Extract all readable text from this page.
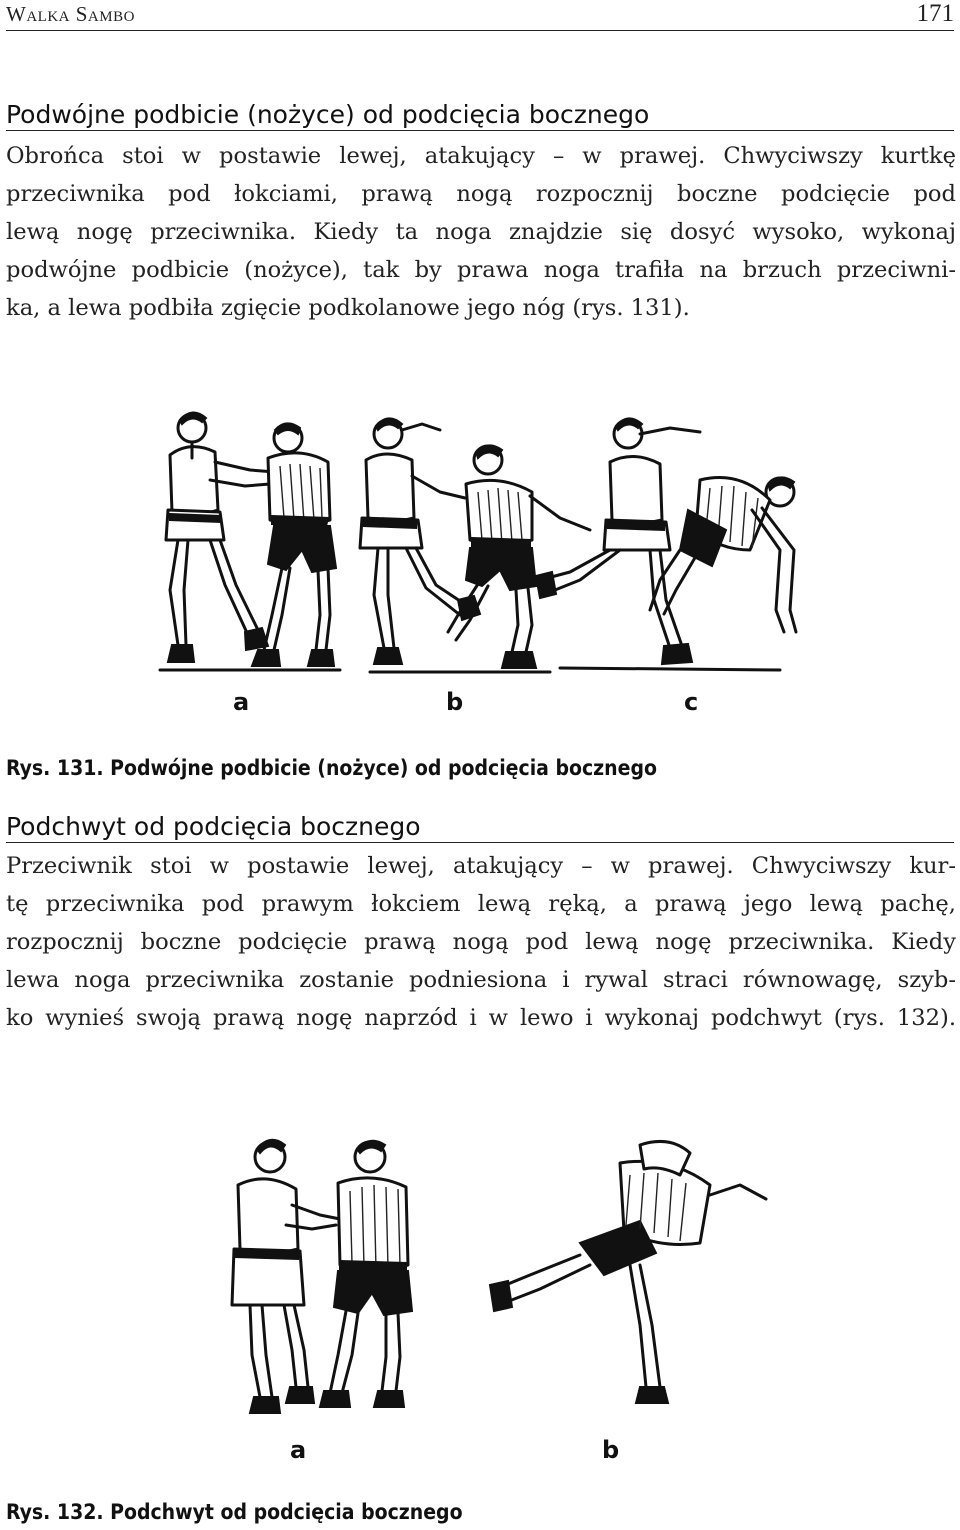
Walka Sambo	171
Podwójne podbicie (nożyce) od podcięcia bocznego
Obrońca stoi w postawie lewej, atakujący – w prawej. Chwyciwszy kurtkę
przeciwnika pod łokciami, prawą nogą rozpocznij boczne podcięcie pod
lewą nogę przeciwnika. Kiedy ta noga znajdzie się dosyć wysoko, wykonaj
podwójne podbicie (nożyce), tak by prawa noga trafiła na brzuch przeciwni-
ka, a lewa podbiła zgięcie podkolanowe jego nóg (rys. 131).
a	b	c
Rys. 131. Podwójne podbicie (nożyce) od podcięcia bocznego
Podchwyt od podcięcia bocznego
Przeciwnik stoi w postawie lewej, atakujący – w prawej. Chwyciwszy kur-
tę przeciwnika pod prawym łokciem lewą ręką, a prawą jego lewą pachę,
rozpocznij boczne podcięcie prawą nogą pod lewą nogę przeciwnika. Kiedy
lewa noga przeciwnika zostanie podniesiona i rywal straci równowagę, szyb-
ko wynieś swoją prawą nogę naprzód i w lewo i wykonaj podchwyt (rys. 132).
a	b
Rys. 132. Podchwyt od podcięcia bocznego
